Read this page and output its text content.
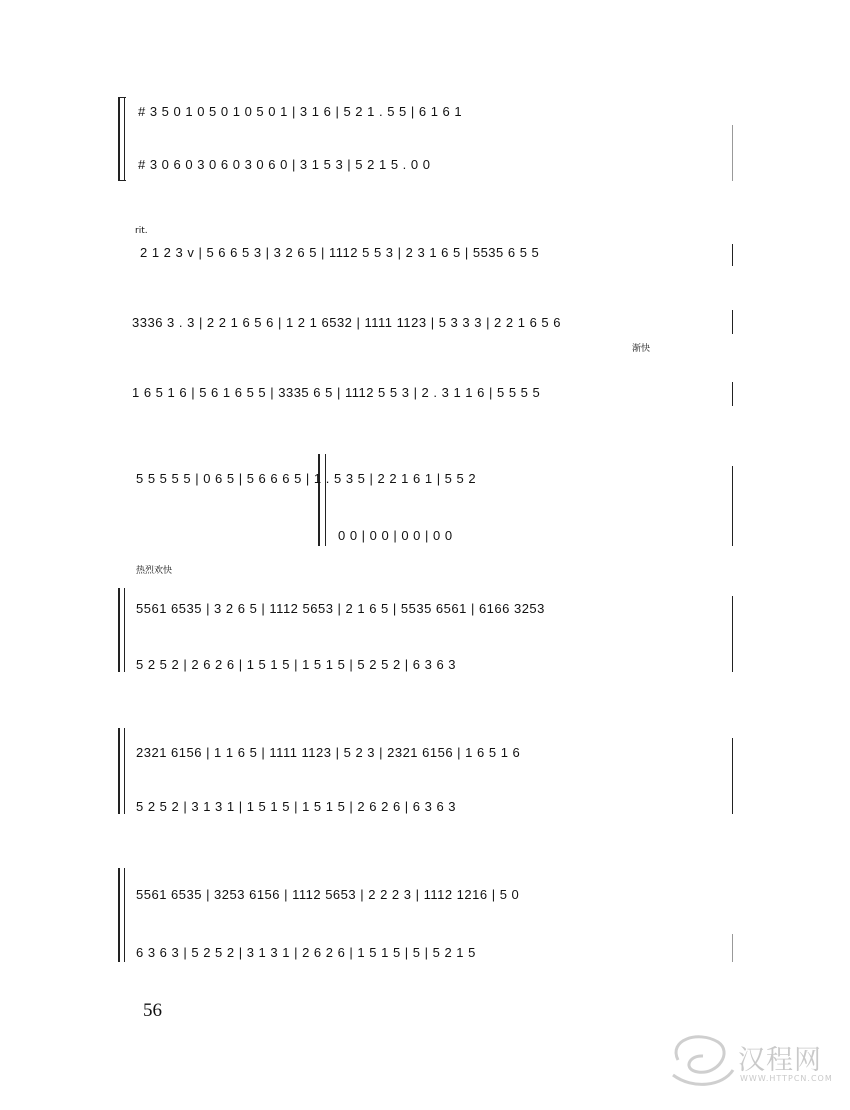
# 3 5 0 1 0 5 0 1 0 5 0 1 | 3 1 6 | 5 2 1 . 5 5 | 6 1 6 1
# 3 0 6 0 3 0 6 0 3 0 6 0 | 3 1 5 3 | 5 2 1 5 . 0 0
rit.
2 1 2 3 v | 5 6 6 5 3 | 3 2 6 5 | 1112 5 5 3 | 2 3 1 6 5 | 5535 6 5 5
3336 3 . 3 | 2 2 1 6 5 6 | 1 2 1 6532 | 1111 1123 | 5 3 3 3 | 2 2 1 6 5 6
渐快
1 6 5 1 6 | 5 6 1 6 5 5 | 3335 6 5 | 1112 5 5 3 | 2 . 3 1 1 6 | 5 5 5 5
5 5 5 5 5 | 0 6 5 | 5 6 6 6 5 | 1 . 5 3 5 | 2 2 1 6 1 | 5 5 2
0 0 | 0 0 | 0 0 | 0 0
热烈欢快
5561 6535 | 3 2 6 5 | 1112 5653 | 2 1 6 5 | 5535 6561 | 6166 3253
5 2 5 2 | 2 6 2 6 | 1 5 1 5 | 1 5 1 5 | 5 2 5 2 | 6 3 6 3
2321 6156 | 1 1 6 5 | 1111 1123 | 5 2 3 | 2321 6156 | 1 6 5 1 6
5 2 5 2 | 3 1 3 1 | 1 5 1 5 | 1 5 1 5 | 2 6 2 6 | 6 3 6 3
5561 6535 | 3253 6156 | 1112 5653 | 2 2 2 3 | 1112 1216 | 5 0
6 3 6 3 | 5 2 5 2 | 3 1 3 1 | 2 6 2 6 | 1 5 1 5 | 5 | 5 2 1 5
56
汉程网
WWW.HTTPCN.COM
